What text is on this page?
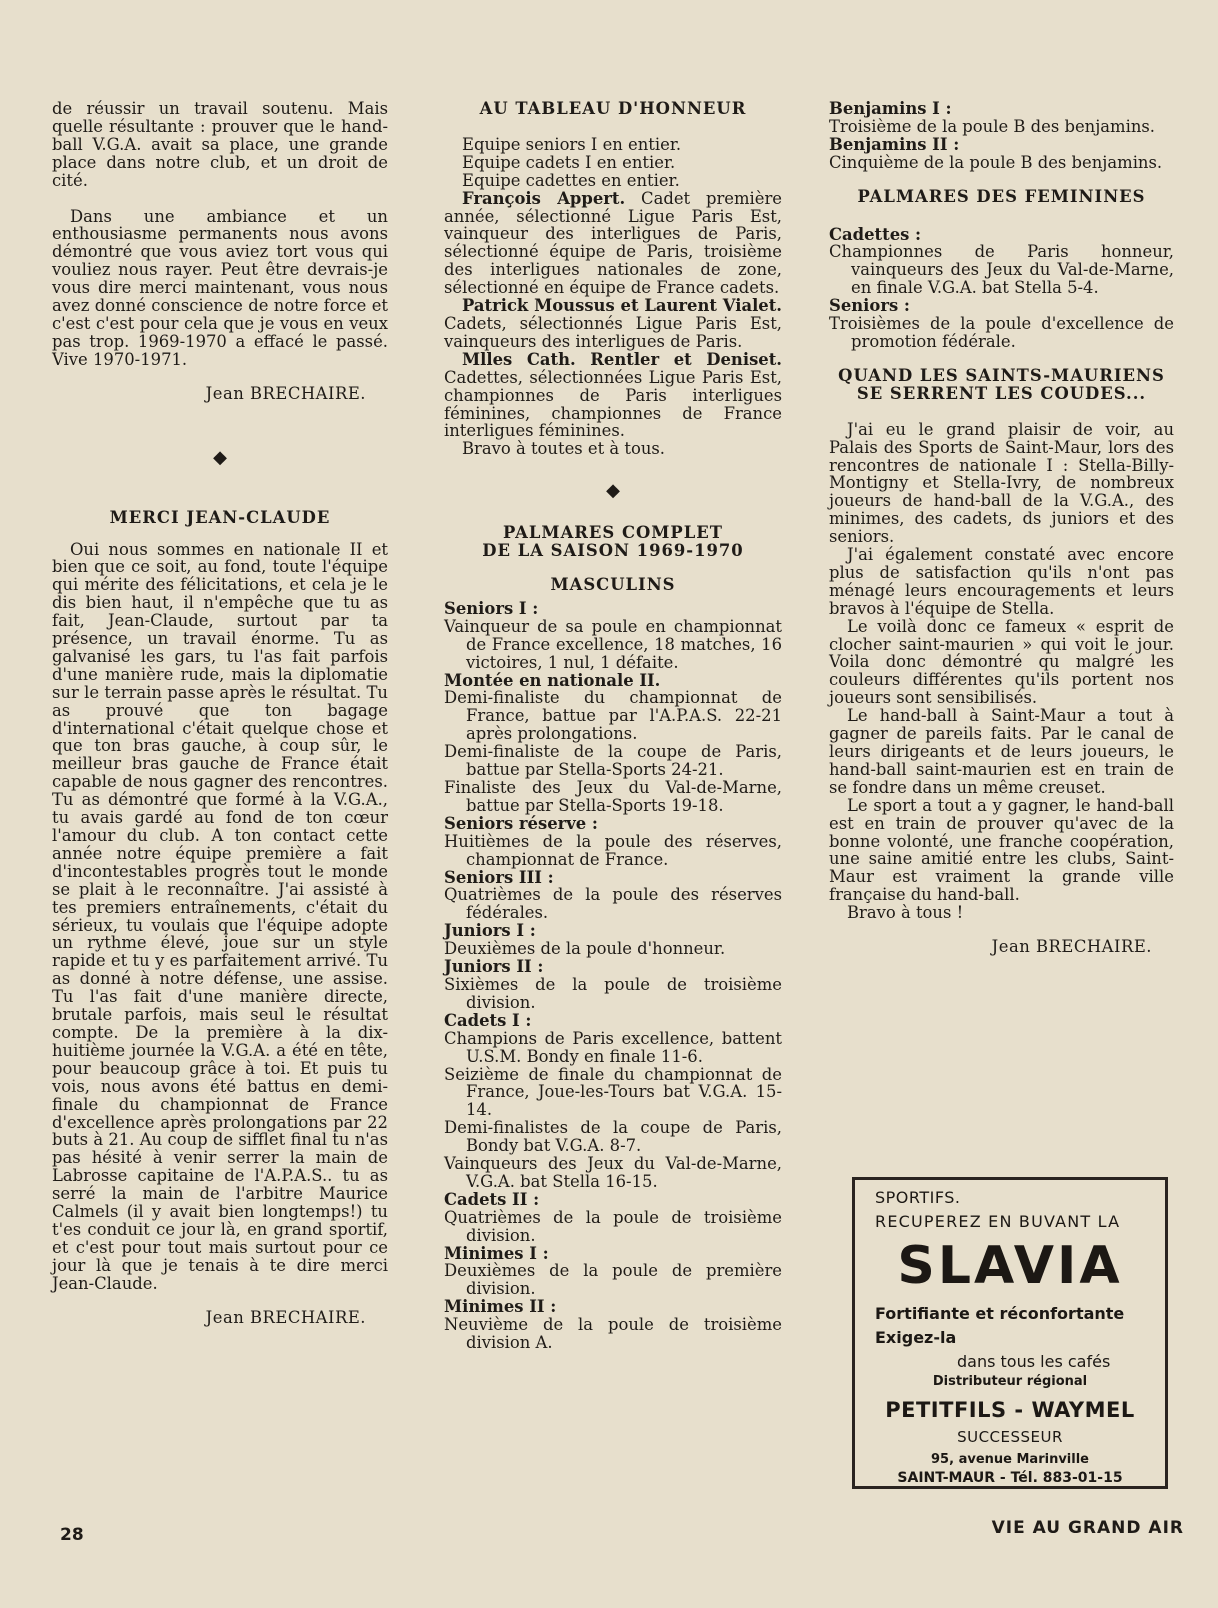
de réussir un travail soutenu. Mais quelle résultante : prouver que le hand-ball V.G.A. avait sa place, une grande place dans notre club, et un droit de cité.

Dans une ambiance et un enthousiasme permanents nous avons démontré que vous aviez tort vous qui vouliez nous rayer. Peut être devrais-je vous dire merci maintenant, vous nous avez donné conscience de notre force et c'est c'est pour cela que je vous en veux pas trop. 1969-1970 a effacé le passé. Vive 1970-1971.

Jean BRECHAIRE.
◆
MERCI JEAN-CLAUDE

Oui nous sommes en nationale II et bien que ce soit, au fond, toute l'équipe qui mérite des félicitations, et cela je le dis bien haut, il n'empêche que tu as fait, Jean-Claude, surtout par ta présence, un travail énorme. Tu as galvanisé les gars, tu l'as fait parfois d'une manière rude, mais la diplomatie sur le terrain passe après le résultat. Tu as prouvé que ton bagage d'international c'était quelque chose et que ton bras gauche, à coup sûr, le meilleur bras gauche de France était capable de nous gagner des rencontres. Tu as démontré que formé à la V.G.A., tu avais gardé au fond de ton cœur l'amour du club. A ton contact cette année notre équipe première a fait d'incontestables progrès tout le monde se plait à le reconnaître. J'ai assisté à tes premiers entraînements, c'était du sérieux, tu voulais que l'équipe adopte un rythme élevé, joue sur un style rapide et tu y es parfaitement arrivé. Tu as donné à notre défense, une assise. Tu l'as fait d'une manière directe, brutale parfois, mais seul le résultat compte. De la première à la dix-huitième journée la V.G.A. a été en tête, pour beaucoup grâce à toi. Et puis tu vois, nous avons été battus en demi-finale du championnat de France d'excellence après prolongations par 22 buts à 21. Au coup de sifflet final tu n'as pas hésité à venir serrer la main de Labrosse capitaine de l'A.P.A.S.. tu as serré la main de l'arbitre Maurice Calmels (il y avait bien longtemps!) tu t'es conduit ce jour là, en grand sportif, et c'est pour tout mais surtout pour ce jour là que je tenais à te dire merci Jean-Claude.

Jean BRECHAIRE.
AU TABLEAU D'HONNEUR
Equipe seniors I en entier.
Equipe cadets I en entier.
Equipe cadettes en entier.

François Appert. Cadet première année, sélectionné Ligue Paris Est, vainqueur des interligues de Paris, sélectionné équipe de Paris, troisième des interligues nationales de zone, sélectionné en équipe de France cadets.

Patrick Moussus et Laurent Vialet. Cadets, sélectionnés Ligue Paris Est, vainqueurs des interligues de Paris.

Mlles Cath. Rentler et Deniset. Cadettes, sélectionnées Ligue Paris Est, championnes de Paris interligues féminines, championnes de France interligues féminines.

Bravo à toutes et à tous.
◆
PALMARES COMPLET
DE LA SAISON 1969-1970
MASCULINS
Seniors I :
Vainqueur de sa poule en championnat de France excellence, 18 matches, 16 victoires, 1 nul, 1 défaite.
Montée en nationale II.
Demi-finaliste du championnat de France, battue par l'A.P.A.S. 22-21 après prolongations.
Demi-finaliste de la coupe de Paris, battue par Stella-Sports 24-21.
Finaliste des Jeux du Val-de-Marne, battue par Stella-Sports 19-18.
Seniors réserve :
Huitièmes de la poule des réserves, championnat de France.
Seniors III :
Quatrièmes de la poule des réserves fédérales.
Juniors I :
Deuxièmes de la poule d'honneur.
Juniors II :
Sixièmes de la poule de troisième division.
Cadets I :
Champions de Paris excellence, battent U.S.M. Bondy en finale 11-6.
Seizième de finale du championnat de France, Joue-les-Tours bat V.G.A. 15-14.
Demi-finalistes de la coupe de Paris, Bondy bat V.G.A. 8-7.
Vainqueurs des Jeux du Val-de-Marne, V.G.A. bat Stella 16-15.
Cadets II :
Quatrièmes de la poule de troisième division.
Minimes I :
Deuxièmes de la poule de première division.
Minimes II :
Neuvième de la poule de troisième division A.
Benjamins I :
Troisième de la poule B des benjamins.
Benjamins II :
Cinquième de la poule B des benjamins.
PALMARES DES FEMININES
Cadettes :
Championnes de Paris honneur, vainqueurs des Jeux du Val-de-Marne, en finale V.G.A. bat Stella 5-4.
Seniors :
Troisièmes de la poule d'excellence de promotion fédérale.
QUAND LES SAINTS-MAURIENS
SE SERRENT LES COUDES...

J'ai eu le grand plaisir de voir, au Palais des Sports de Saint-Maur, lors des rencontres de nationale I : Stella-Billy-Montigny et Stella-Ivry, de nombreux joueurs de hand-ball de la V.G.A., des minimes, des cadets, ds juniors et des seniors.

J'ai également constaté avec encore plus de satisfaction qu'ils n'ont pas ménagé leurs encouragements et leurs bravos à l'équipe de Stella.

Le voilà donc ce fameux « esprit de clocher saint-maurien » qui voit le jour. Voila donc démontré qu malgré les couleurs différentes qu'ils portent nos joueurs sont sensibilisés.

Le hand-ball à Saint-Maur a tout à gagner de pareils faits. Par le canal de leurs dirigeants et de leurs joueurs, le hand-ball saint-maurien est en train de se fondre dans un même creuset.

Le sport a tout a y gagner, le hand-ball est en train de prouver qu'avec de la bonne volonté, une franche coopération, une saine amitié entre les clubs, Saint-Maur est vraiment la grande ville française du hand-ball.

Bravo à tous !

Jean BRECHAIRE.
SPORTIFS.
RECUPEREZ EN BUVANT LA
SLAVIA
Fortifiante et réconfortante
Exigez-la
dans tous les cafés
Distributeur régional
PETITFILS - WAYMEL
SUCCESSEUR
95, avenue Marinville
SAINT-MAUR - Tél. 883-01-15
28	VIE AU GRAND AIR
